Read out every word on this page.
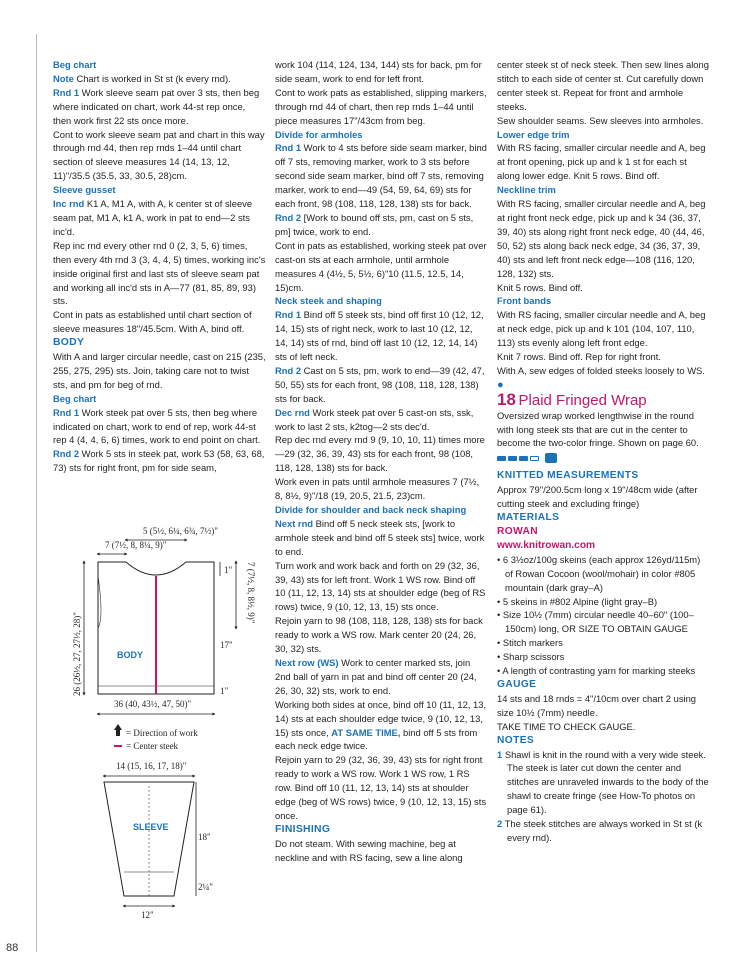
88

Beg chart

Note Chart is worked in St st (k every rnd).

Rnd 1 Work sleeve seam pat over 3 sts, then beg where indicated on chart, work 44-st rep once, then work first 22 sts once more.

Cont to work sleeve seam pat and chart in this way through rnd 44, then rep rnds 1–44 until chart section of sleeve measures 14 (14, 13, 12, 11)"/35.5 (35.5, 33, 30.5, 28)cm.

Sleeve gusset

Inc rnd K1 A, M1 A, with A, k center st of sleeve seam pat, M1 A, k1 A, work in pat to end—2 sts inc'd.

Rep inc rnd every other rnd 0 (2, 3, 5, 6) times, then every 4th rnd 3 (3, 4, 4, 5) times, working inc's inside original first and last sts of sleeve seam pat and working all inc'd sts in A—77 (81, 85, 89, 93) sts.

Cont in pats as established until chart section of sleeve measures 18"/45.5cm. With A, bind off.

BODY

With A and larger circular needle, cast on 215 (235, 255, 275, 295) sts. Join, taking care not to twist sts, and pm for beg of rnd.

Beg chart

Rnd 1 Work steek pat over 5 sts, then beg where indicated on chart, work to end of rep, work 44-st rep 4 (4, 4, 6, 6) times, work to end point on chart.

Rnd 2 Work 5 sts in steek pat, work 53 (58, 63, 68, 73) sts for right front, pm for side seam,

5 (5½, 6¼, 6¾, 7½)"
7 (7½, 8, 8¼, 9)"
BODY
26 (26½, 27, 27½, 28)"
1" 7 (7½, 8, 8½, 9)"
17"
1"
36 (40, 43½, 47, 50)"
= Direction of work
= Center steek
14 (15, 16, 17, 18)"
SLEEVE
18"
2¼"
12"

work 104 (114, 124, 134, 144) sts for back, pm for side seam, work to end for left front.

Cont to work pats as established, slipping markers, through rnd 44 of chart, then rep rnds 1–44 until piece measures 17"/43cm from beg.

Divide for armholes

Rnd 1 Work to 4 sts before side seam marker, bind off 7 sts, removing marker, work to 3 sts before second side seam marker, bind off 7 sts, removing marker, work to end—49 (54, 59, 64, 69) sts for each front, 98 (108, 118, 128, 138) sts for back.

Rnd 2 [Work to bound off sts, pm, cast on 5 sts, pm] twice, work to end.

Cont in pats as established, working steek pat over cast-on sts at each armhole, until armhole measures 4 (4½, 5, 5½, 6)"10 (11.5, 12.5, 14, 15)cm.

Neck steek and shaping

Rnd 1 Bind off 5 steek sts, bind off first 10 (12, 12, 14, 15) sts of right neck, work to last 10 (12, 12, 14, 14) sts of rnd, bind off last 10 (12, 12, 14, 14) sts of left neck.

Rnd 2 Cast on 5 sts, pm, work to end—39 (42, 47, 50, 55) sts for each front, 98 (108, 118, 128, 138) sts for back.

Dec rnd Work steek pat over 5 cast-on sts, ssk, work to last 2 sts, k2tog—2 sts dec'd.

Rep dec rnd every rnd 9 (9, 10, 10, 11) times more—29 (32, 36, 39, 43) sts for each front, 98 (108, 118, 128, 138) sts for back.

Work even in pats until armhole measures 7 (7½, 8, 8½, 9)"/18 (19, 20.5, 21.5, 23)cm.

Divide for shoulder and back neck shaping

Next rnd Bind off 5 neck steek sts, [work to armhole steek and bind off 5 steek sts] twice, work to end.

Turn work and work back and forth on 29 (32, 36, 39, 43) sts for left front. Work 1 WS row. Bind off 10 (11, 12, 13, 14) sts at shoulder edge (beg of RS rows) twice, 9 (10, 12, 13, 15) sts once.

Rejoin yarn to 98 (108, 118, 128, 138) sts for back ready to work a WS row. Mark center 20 (24, 26, 30, 32) sts.

Next row (WS) Work to center marked sts, join 2nd ball of yarn in pat and bind off center 20 (24, 26, 30, 32) sts, work to end.

Working both sides at once, bind off 10 (11, 12, 13, 14) sts at each shoulder edge twice, 9 (10, 12, 13, 15) sts once, AT SAME TIME, bind off 5 sts from each neck edge twice.

Rejoin yarn to 29 (32, 36, 39, 43) sts for right front ready to work a WS row. Work 1 WS row, 1 RS row. Bind off 10 (11, 12, 13, 14) sts at shoulder edge (beg of WS rows) twice, 9 (10, 12, 13, 15) sts once.

FINISHING

Do not steam. With sewing machine, beg at neckline and with RS facing, sew a line along

center steek st of neck steek. Then sew lines along stitch to each side of center st. Cut carefully down center steek st. Repeat for front and armhole steeks.

Sew shoulder seams. Sew sleeves into armholes.

Lower edge trim

With RS facing, smaller circular needle and A, beg at front opening, pick up and k 1 st for each st along lower edge. Knit 5 rows. Bind off.

Neckline trim

With RS facing, smaller circular needle and A, beg at right front neck edge, pick up and k 34 (36, 37, 39, 40) sts along right front neck edge, 40 (44, 46, 50, 52) sts along back neck edge, 34 (36, 37, 39, 40) sts and left front neck edge—108 (116, 120, 128, 132) sts.

Knit 5 rows. Bind off.

Front bands

With RS facing, smaller circular needle and A, beg at neck edge, pick up and k 101 (104, 107, 110, 113) sts evenly along left front edge.

Knit 7 rows. Bind off. Rep for right front.

With A, sew edges of folded steeks loosely to WS. ●

18 Plaid Fringed Wrap

Oversized wrap worked lengthwise in the round with long steek sts that are cut in the center to become the two-color fringe. Shown on page 60.

KNITTED MEASUREMENTS

Approx 79"/200.5cm long x 19"/48cm wide (after cutting steek and excluding fringe)

MATERIALS

ROWAN

www.knitrowan.com

• 6 3½oz/100g skeins (each approx 126yd/115m) of Rowan Cocoon (wool/mohair) in color #805 mountain (dark gray–A)

• 5 skeins in #802 Alpine (light gray–B)

• Size 10½ (7mm) circular needle 40–60" (100–150cm) long, OR SIZE TO OBTAIN GAUGE

• Stitch markers

• Sharp scissors

• A length of contrasting yarn for marking steeks

GAUGE

14 sts and 18 rnds = 4"/10cm over chart 2 using size 10½ (7mm) needle.

TAKE TIME TO CHECK GAUGE.

NOTES

1 Shawl is knit in the round with a very wide steek. The steek is later cut down the center and stitches are unraveled inwards to the body of the shawl to create fringe (see How-To photos on page 61).

2 The steek stitches are always worked in St st (k every rnd).
